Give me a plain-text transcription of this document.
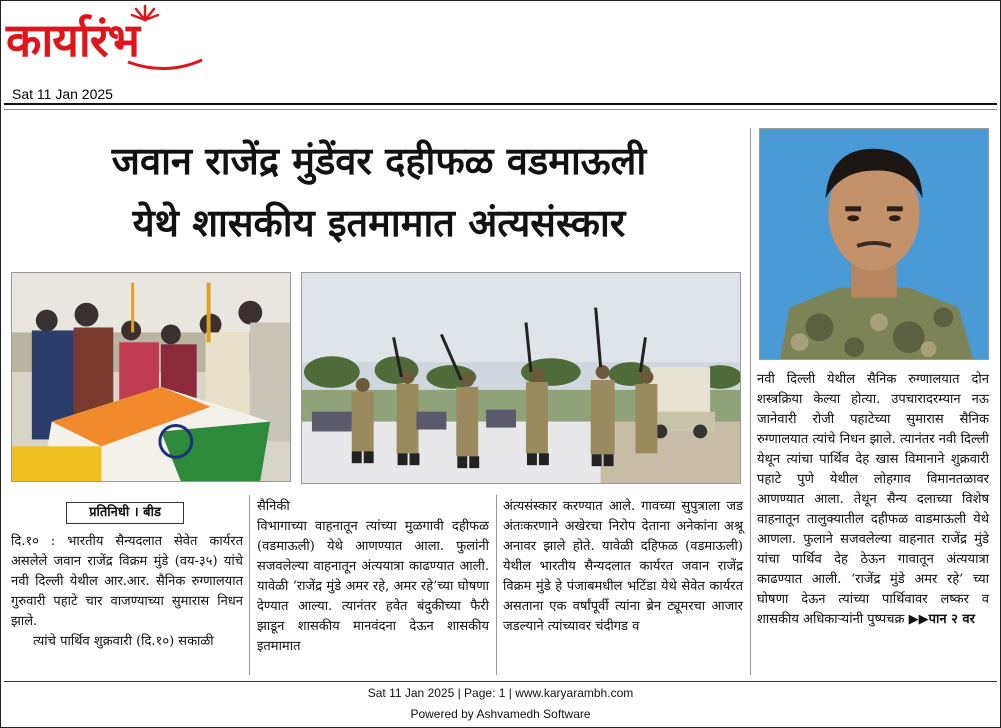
कार्यारंभ
Sat 11 Jan 2025
जवान राजेंद्र मुंडेंवर दहीफळ वडमाऊली
येथे शासकीय इतमामात अंत्यसंस्कार
प्रतिनिधी । बीड

दि.१० : भारतीय सैन्यदलात सेवेत कार्यरत असलेले जवान राजेंद्र विक्रम मुंडे (वय-३५) यांचे नवी दिल्ली येथील आर.आर. सैनिक रुग्णालयात गुरुवारी पहाटे चार वाजण्याच्या सुमारास निधन झाले.

त्यांचे पार्थिव शुक्रवारी (दि.१०) सकाळी

सैनिकी

विभागाच्या वाहनातून त्यांच्या मुळगावी दहीफळ (वडमाऊली) येथे आणण्यात आला. फुलांनी सजवलेल्या वाहनातून अंत्ययात्रा काढण्यात आली. यावेळी ‘राजेंद्र मुंडे अमर रहे, अमर रहे’च्या घोषणा देण्यात आल्या. त्यानंतर हवेत बंदुकीच्या फैरी झाडून शासकीय मानवंदना देऊन शासकीय इतमामात

अंत्यसंस्कार करण्यात आले. गावच्या सुपुत्राला जड अंतःकरणाने अखेरचा निरोप देताना अनेकांना अश्रू अनावर झाले होते. यावेळी दहिफळ (वडमाऊली) येथील भारतीय सैन्यदलात कार्यरत जवान राजेंद्र विक्रम मुंडे हे पंजाबमधील भटिंडा येथे सेवेत कार्यरत असताना एक वर्षांपूर्वी त्यांना ब्रेन ट्यूमरचा आजार जडल्याने त्यांच्यावर चंदीगड व

नवी दिल्ली येथील सैनिक रुग्णालयात दोन शस्त्रक्रिया केल्या होत्या. उपचारादरम्यान नऊ जानेवारी रोजी पहाटेच्या सुमारास सैनिक रुग्णालयात त्यांचे निधन झाले. त्यानंतर नवी दिल्ली येथून त्यांचा पार्थिव देह खास विमानाने शुक्रवारी पहाटे पुणे येथील लोहगाव विमानतळावर आणण्यात आला. तेथून सैन्य दलाच्या विशेष वाहनातून तालुक्यातील दहीफळ वाडमाऊली येथे आणला. फुलाने सजवलेल्या वाहनात राजेंद्र मुंडे यांचा पार्थिव देह ठेऊन गावातून अंत्ययात्रा काढण्यात आली. ‘राजेंद्र मुंडे अमर रहे’ च्या घोषणा देऊन त्यांच्या पार्थिवावर लष्कर व शासकीय अधिकाऱ्यांनी पुष्पचक्र ▶▶पान २ वर

Sat 11 Jan 2025 | Page: 1 | www.karyarambh.com
Powered by Ashvamedh Software
